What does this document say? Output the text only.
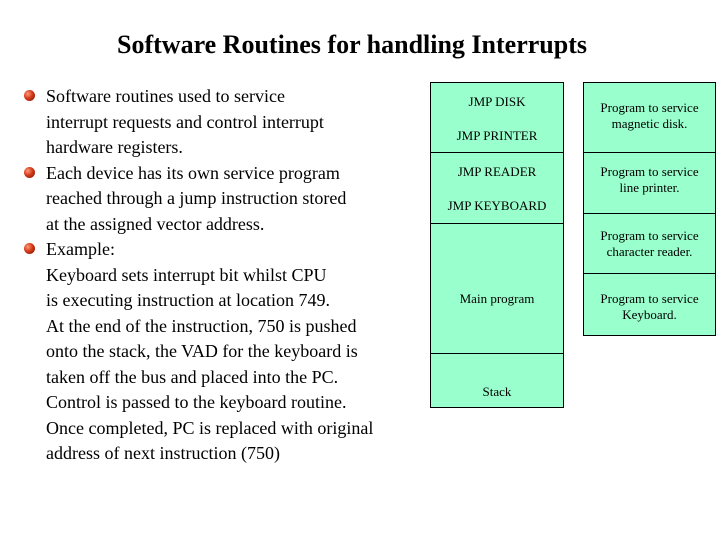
Software Routines for handling Interrupts
Software routines used to service
interrupt requests and control interrupt
hardware registers.
Each device has its own service program
reached through a jump instruction stored
at the assigned vector address.
Example:
Keyboard sets interrupt bit whilst CPU
is executing instruction at location 749.
At the end of the instruction, 750 is pushed
onto the stack, the VAD for the keyboard is
taken off the bus and placed into the PC.
Control is passed to the keyboard routine.
Once completed, PC is replaced with original
address of next instruction (750)
JMP DISK
JMP PRINTER
JMP READER
JMP KEYBOARD
Main program
Stack
Program to service
magnetic disk.
Program to service
line printer.
Program to service
character reader.
Program to service
Keyboard.
